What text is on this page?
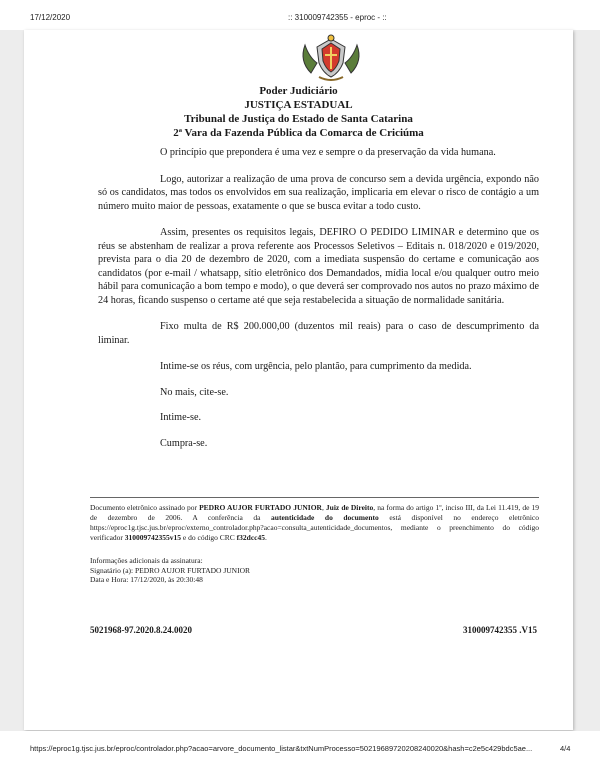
17/12/2020	:: 310009742355 - eproc - ::
Poder Judiciário
JUSTIÇA ESTADUAL
Tribunal de Justiça do Estado de Santa Catarina
2ª Vara da Fazenda Pública da Comarca de Criciúma

O princípio que prepondera é uma vez e sempre o da preservação da vida humana.

Logo, autorizar a realização de uma prova de concurso sem a devida urgência, expondo não só os candidatos, mas todos os envolvidos em sua realização, implicaria em elevar o risco de contágio a um número muito maior de pessoas, exatamente o que se busca evitar a todo custo.

Assim, presentes os requisitos legais, DEFIRO O PEDIDO LIMINAR e determino que os réus se abstenham de realizar a prova referente aos Processos Seletivos – Editais n. 018/2020 e 019/2020, prevista para o dia 20 de dezembro de 2020, com a imediata suspensão do certame e comunicação aos candidatos (por e-mail / whatsapp, sítio eletrônico dos Demandados, mídia local e/ou qualquer outro meio hábil para comunicação a bom tempo e modo), o que deverá ser comprovado nos autos no prazo máximo de 24 horas, ficando suspenso o certame até que seja restabelecida a situação de normalidade sanitária.

Fixo multa de R$ 200.000,00 (duzentos mil reais) para o caso de descumprimento da liminar.

Intime-se os réus, com urgência, pelo plantão, para cumprimento da medida.

No mais, cite-se.

Intime-se.

Cumpra-se.

Documento eletrônico assinado por PEDRO AUJOR FURTADO JUNIOR, Juiz de Direito, na forma do artigo 1º, inciso III, da Lei 11.419, de 19 de dezembro de 2006. A conferência da autenticidade do documento está disponível no endereço eletrônico https://eproc1g.tjsc.jus.br/eproc/externo_controlador.php?acao=consulta_autenticidade_documentos, mediante o preenchimento do código verificador 310009742355v15 e do código CRC f32dcc45.
Informações adicionais da assinatura:
Signatário (a): PEDRO AUJOR FURTADO JUNIOR
Data e Hora: 17/12/2020, às 20:30:48
5021968-97.2020.8.24.0020	310009742355 .V15
https://eproc1g.tjsc.jus.br/eproc/controlador.php?acao=arvore_documento_listar&txtNumProcesso=50219689720208240020&hash=c2e5c429bdc5ae...	4/4
